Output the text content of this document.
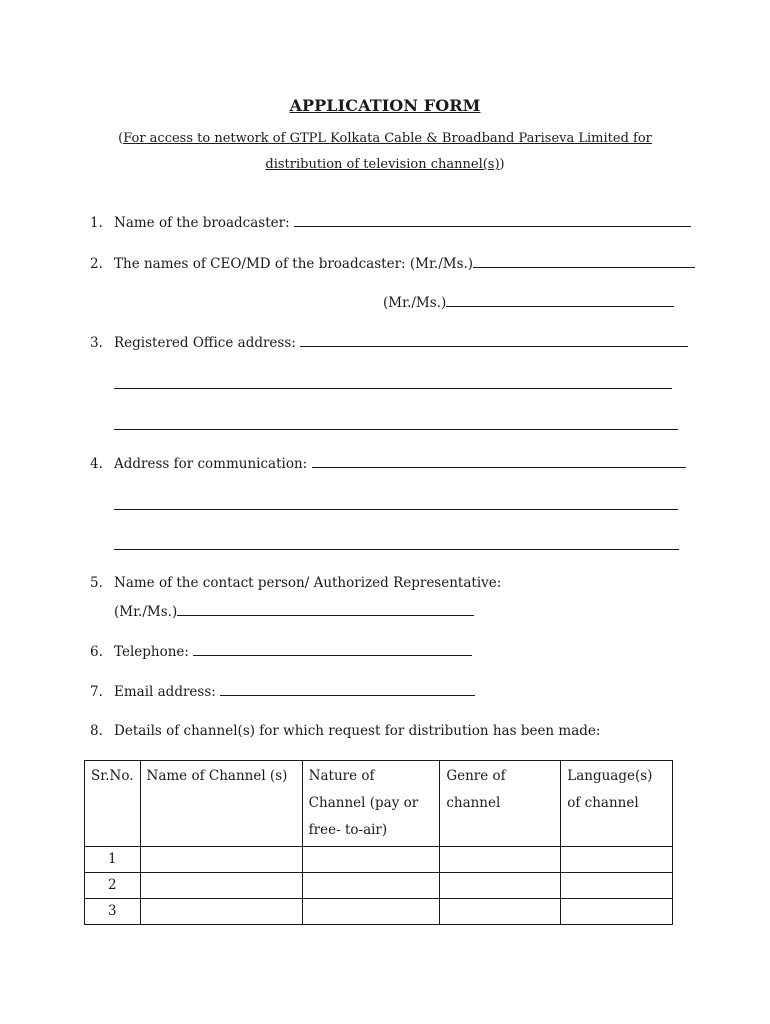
APPLICATION FORM
(For access to network of GTPL Kolkata Cable & Broadband Pariseva Limited for distribution of television channel(s))
1. Name of the broadcaster:
2. The names of CEO/MD of the broadcaster: (Mr./Ms.)
(Mr./Ms.)
3. Registered Office address:
4. Address for communication:
5. Name of the contact person/ Authorized Representative:
(Mr./Ms.)
6. Telephone:
7. Email address:
8. Details of channel(s) for which request for distribution has been made:
Sr.No.	Name of Channel (s)	Nature of Channel (pay or free- to-air)	Genre of channel	Language(s) of channel
1				
2				
3				
